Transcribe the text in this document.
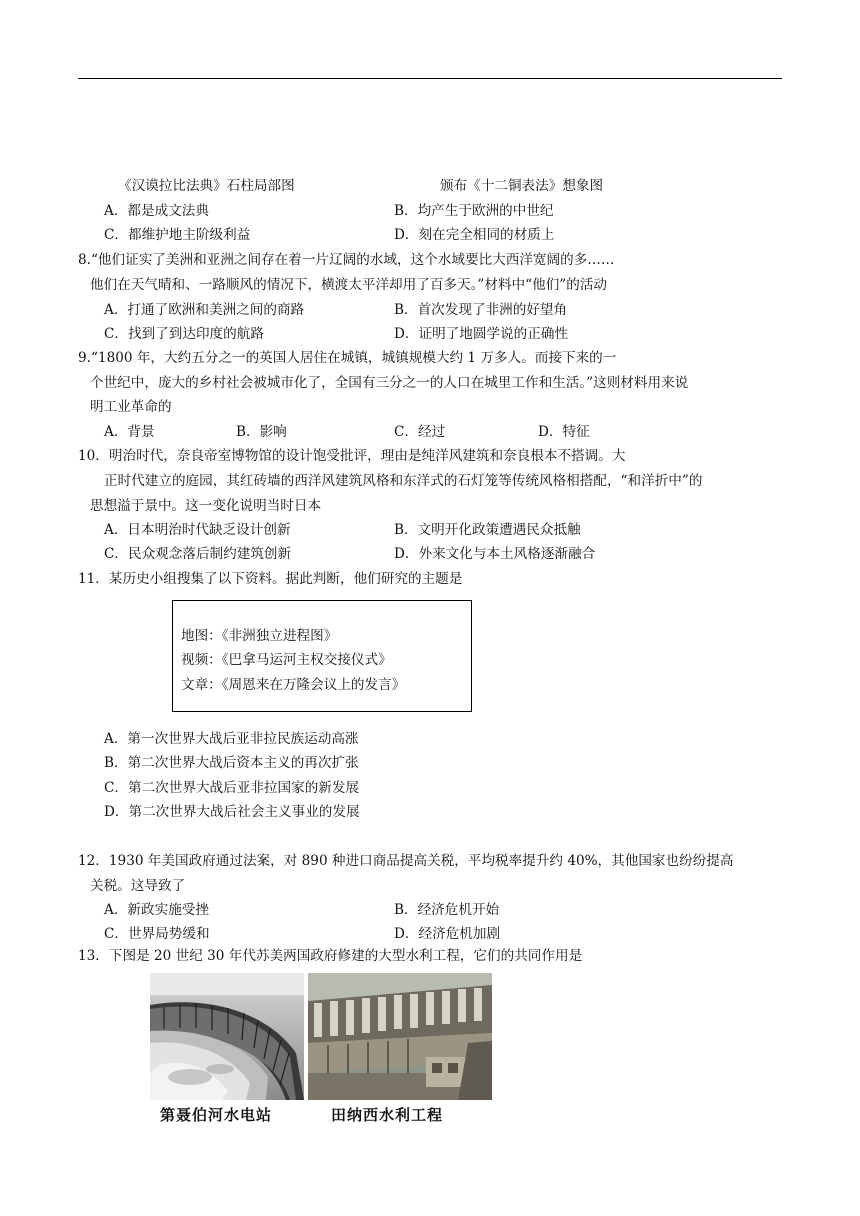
《汉谟拉比法典》石柱局部图	颁布《十二铜表法》想象图
A．都是成文法典	B．均产生于欧洲的中世纪
C．都维护地主阶级利益	D．刻在完全相同的材质上
8.“他们证实了美洲和亚洲之间存在着一片辽阔的水域，这个水域要比大西洋宽阔的多……
他们在天气晴和、一路顺风的情况下，横渡太平洋却用了百多天。”材料中“他们”的活动
A．打通了欧洲和美洲之间的商路	B．首次发现了非洲的好望角
C．找到了到达印度的航路	D．证明了地圆学说的正确性
9.“1800 年，大约五分之一的英国人居住在城镇，城镇规模大约 1 万多人。而接下来的一
个世纪中，庞大的乡村社会被城市化了，全国有三分之一的人口在城里工作和生活。”这则材料用来说
明工业革命的
A．背景	B．影响	C．经过	D．特征
10．明治时代，奈良帝室博物馆的设计饱受批评，理由是纯洋风建筑和奈良根本不搭调。大
正时代建立的庭园，其红砖墙的西洋风建筑风格和东洋式的石灯笼等传统风格相搭配，“和洋折中”的
思想溢于景中。这一变化说明当时日本
A．日本明治时代缺乏设计创新	B．文明开化政策遭遇民众抵触
C．民众观念落后制约建筑创新	D．外来文化与本土风格逐渐融合
11．某历史小组搜集了以下资料。据此判断，他们研究的主题是
地图：《非洲独立进程图》
视频：《巴拿马运河主权交接仪式》
文章：《周恩来在万隆会议上的发言》
A．第一次世界大战后亚非拉民族运动高涨
B．第二次世界大战后资本主义的再次扩张
C．第二次世界大战后亚非拉国家的新发展
D．第二次世界大战后社会主义事业的发展
12．1930 年美国政府通过法案，对 890 种进口商品提高关税，平均税率提升约 40%，其他国家也纷纷提高
关税。这导致了
A．新政实施受挫	B．经济危机开始
C．世界局势缓和	D．经济危机加剧
13．下图是 20 世纪 30 年代苏美两国政府修建的大型水利工程，它们的共同作用是
第聂伯河水电站	田纳西水利工程
